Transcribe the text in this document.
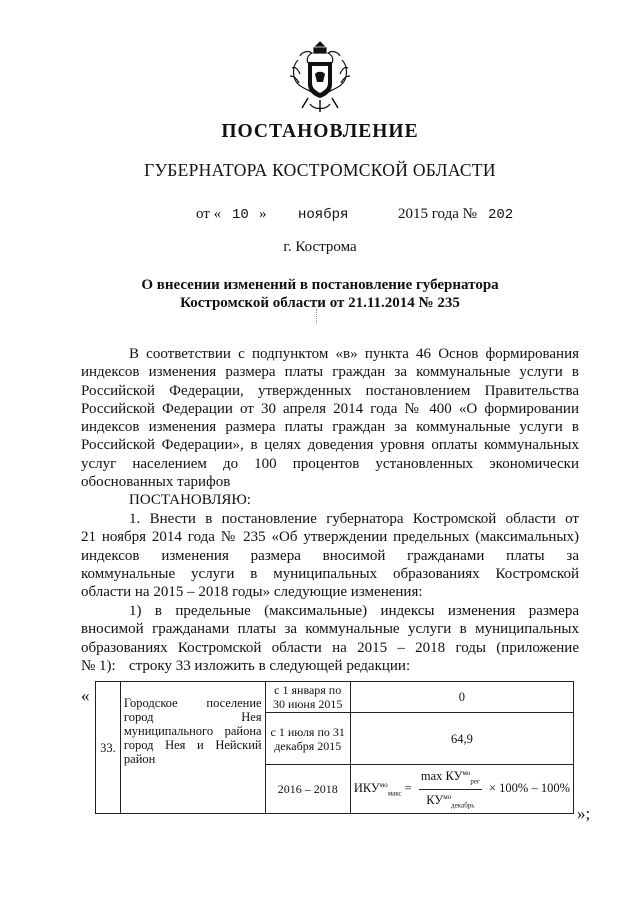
ПОСТАНОВЛЕНИЕ
ГУБЕРНАТОРА КОСТРОМСКОЙ ОБЛАСТИ
от « 10 » ноября	2015 года № 202
г. Кострома
О внесении изменений в постановление губернатора
Костромской области от 21.11.2014 № 235
В соответствии с подпунктом «в» пункта 46 Основ формирования
индексов изменения размера платы граждан за коммунальные услуги в
Российской Федерации, утвержденных постановлением Правительства
Российской Федерации от 30 апреля 2014 года № 400 «О формировании
индексов изменения размера платы граждан за коммунальные услуги в
Российской Федерации», в целях доведения уровня оплаты коммунальных
услуг населением до 100 процентов установленных экономически
обоснованных тарифов
ПОСТАНОВЛЯЮ:
1. Внести в постановление губернатора Костромской области от
21 ноября 2014 года № 235 «Об утверждении предельных (максимальных)
индексов изменения размера вносимой гражданами платы за
коммунальные услуги в муниципальных образованиях Костромской
области на 2015 – 2018 годы» следующие изменения:
1) в предельные (максимальные) индексы изменения размера
вносимой гражданами платы за коммунальные услуги в муниципальных
образованиях Костромской области на 2015 – 2018 годы (приложение
№ 1): строку 33 изложить в следующей редакции:
«
33.	Городское поселение город Нея муниципального района город Нея и Нейский район	с 1 января по 30 июня 2015	0
		с 1 июля по 31 декабря 2015	64,9
		2016 – 2018	$ИКУ^{мо}_{макс} = \frac{\max КУ^{мо}_{рег}}{КУ^{мо}_{декабрь}} \times 100\% - 100\%$
»;
